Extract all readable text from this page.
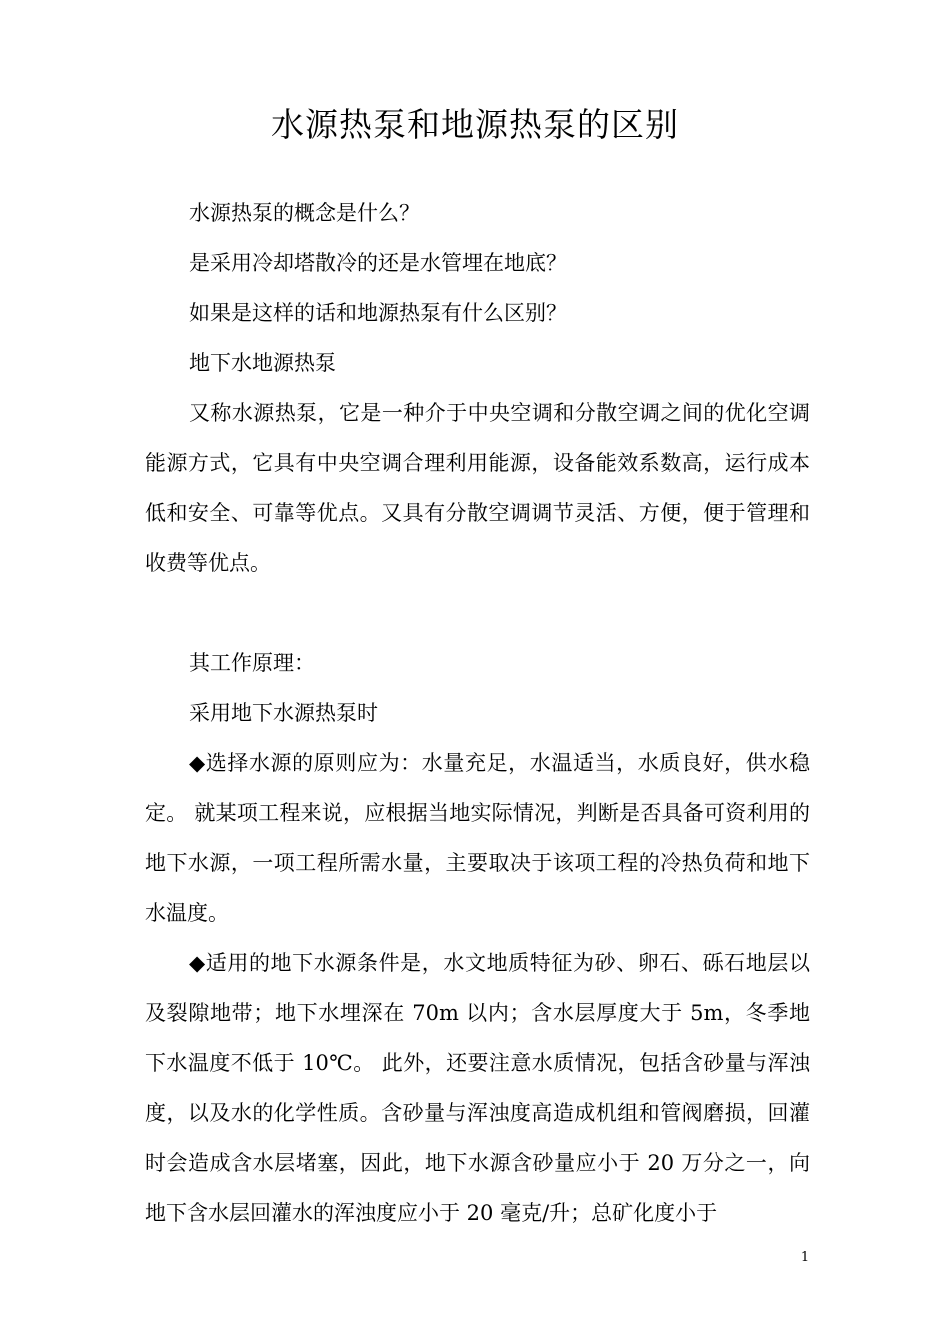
水源热泵和地源热泵的区别

水源热泵的概念是什么？

是采用冷却塔散冷的还是水管埋在地底？

如果是这样的话和地源热泵有什么区别？

地下水地源热泵

又称水源热泵，它是一种介于中央空调和分散空调之间的优化空调能源方式，它具有中央空调合理利用能源，设备能效系数高，运行成本低和安全、可靠等优点。又具有分散空调调节灵活、方便，便于管理和收费等优点。

其工作原理：

采用地下水源热泵时

◆选择水源的原则应为：水量充足，水温适当，水质良好，供水稳定。 就某项工程来说，应根据当地实际情况，判断是否具备可资利用的地下水源，一项工程所需水量，主要取决于该项工程的冷热负荷和地下水温度。

◆适用的地下水源条件是，水文地质特征为砂、卵石、砾石地层以及裂隙地带；地下水埋深在 70m 以内；含水层厚度大于 5m，冬季地下水温度不低于 10℃。 此外，还要注意水质情况，包括含砂量与浑浊度，以及水的化学性质。含砂量与浑浊度高造成机组和管阀磨损，回灌时会造成含水层堵塞，因此，地下水源含砂量应小于 20 万分之一，向地下含水层回灌水的浑浊度应小于 20 毫克/升；总矿化度小于

1
